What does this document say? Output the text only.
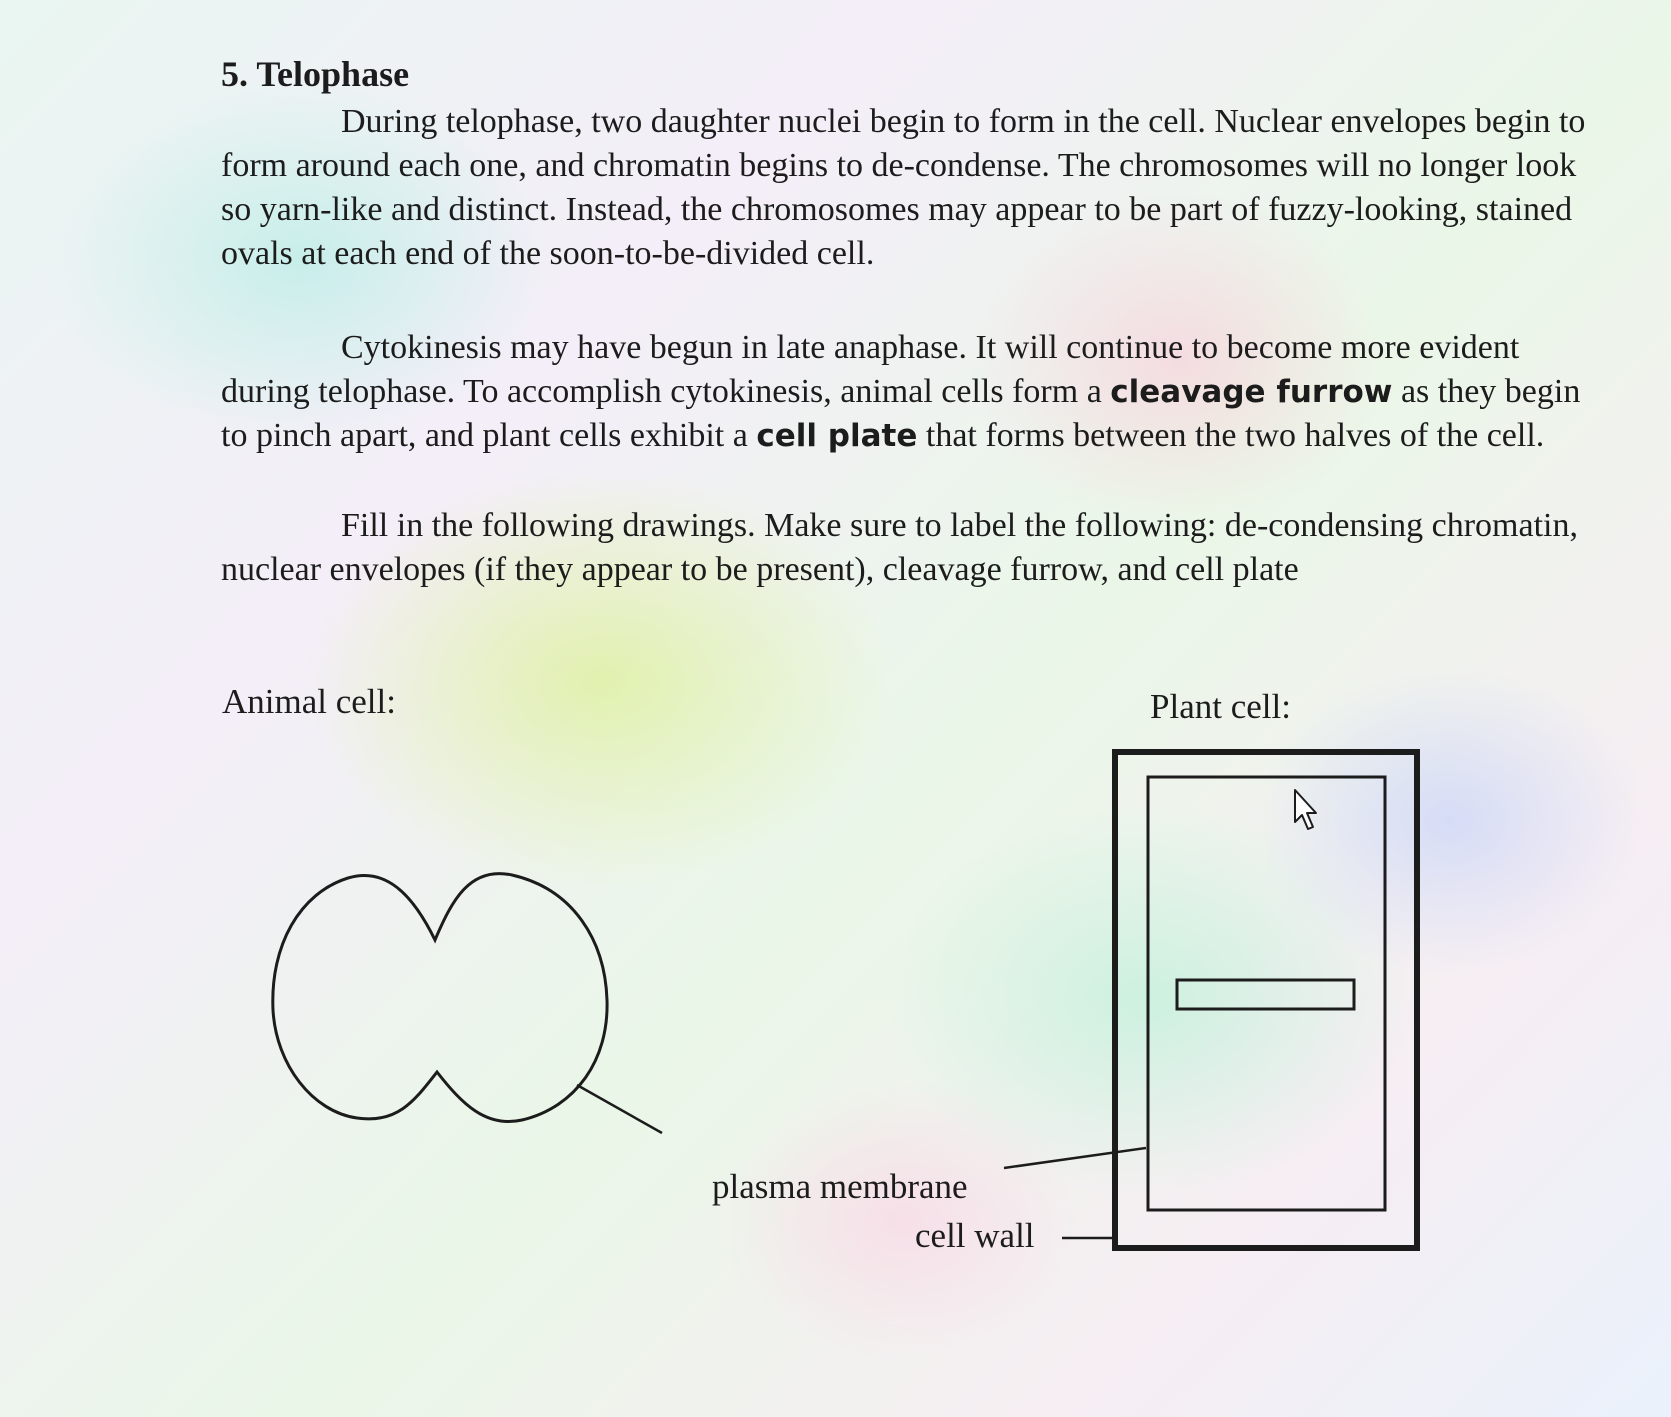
5. Telophase

During telophase, two daughter nuclei begin to form in the cell. Nuclear envelopes begin to form around each one, and chromatin begins to de-condense. The chromosomes will no longer look so yarn-like and distinct. Instead, the chromosomes may appear to be part of fuzzy-looking, stained ovals at each end of the soon-to-be-divided cell.

Cytokinesis may have begun in late anaphase. It will continue to become more evident during telophase. To accomplish cytokinesis, animal cells form a cleavage furrow as they begin to pinch apart, and plant cells exhibit a cell plate that forms between the two halves of the cell.

Fill in the following drawings. Make sure to label the following: de-condensing chromatin, nuclear envelopes (if they appear to be present), cleavage furrow, and cell plate

Animal cell:	Plant cell:
plasma membrane
cell wall
